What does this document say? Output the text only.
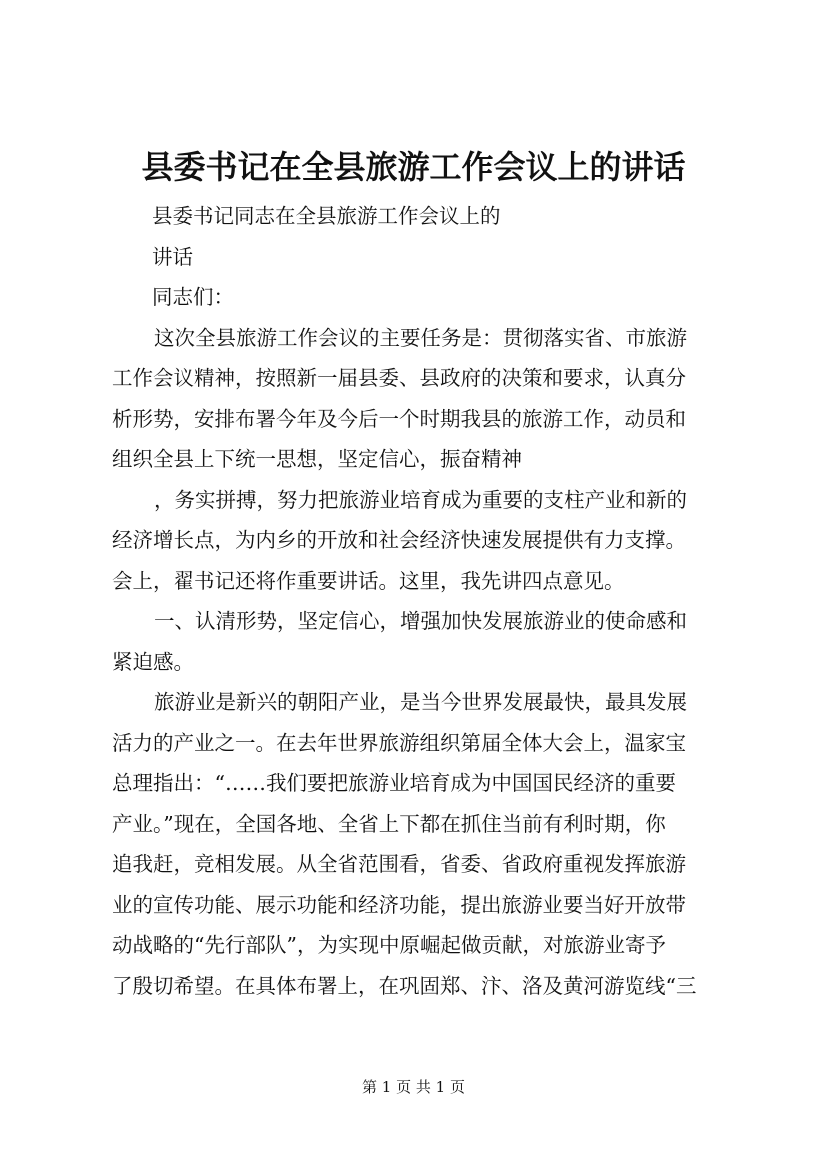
县委书记在全县旅游工作会议上的讲话
县委书记同志在全县旅游工作会议上的
讲话
同志们：
这次全县旅游工作会议的主要任务是：贯彻落实省、市旅游
工作会议精神，按照新一届县委、县政府的决策和要求，认真分
析形势，安排布署今年及今后一个时期我县的旅游工作，动员和
组织全县上下统一思想，坚定信心，振奋精神
，务实拼搏，努力把旅游业培育成为重要的支柱产业和新的
经济增长点，为内乡的开放和社会经济快速发展提供有力支撑。
会上，翟书记还将作重要讲话。这里，我先讲四点意见。
一、认清形势，坚定信心，增强加快发展旅游业的使命感和
紧迫感。
旅游业是新兴的朝阳产业，是当今世界发展最快，最具发展
活力的产业之一。在去年世界旅游组织第届全体大会上，温家宝
总理指出：“……我们要把旅游业培育成为中国国民经济的重要
产业。”现在，全国各地、全省上下都在抓住当前有利时期，你
追我赶，竞相发展。从全省范围看，省委、省政府重视发挥旅游
业的宣传功能、展示功能和经济功能，提出旅游业要当好开放带
动战略的“先行部队”，为实现中原崛起做贡献，对旅游业寄予
了殷切希望。在具体布署上，在巩固郑、汴、洛及黄河游览线“三
第 1 页 共 1 页
